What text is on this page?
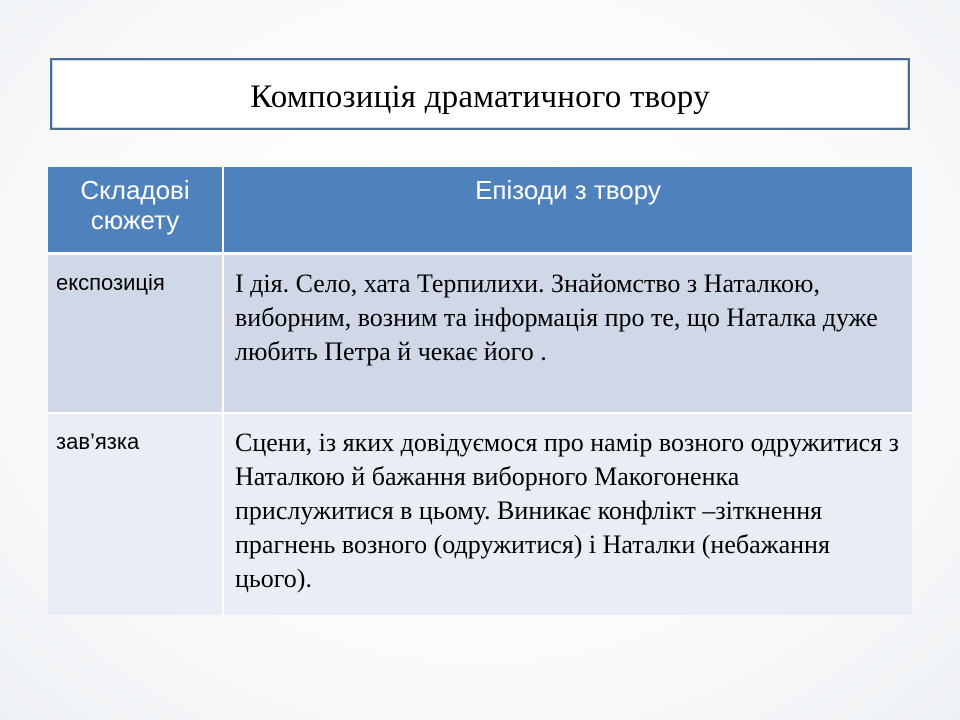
Композиція драматичного твору
Складові сюжету	Епізоди з твору
експозиція	І дія. Село, хата Терпилихи. Знайомство з Наталкою, виборним, возним та інформація про те, що Наталка дуже любить Петра й чекає його .
зав’язка	Сцени, із яких довідуємося про намір возного одружитися з Наталкою й бажання виборного Макогоненка прислужитися в цьому. Виникає конфлікт –зіткнення прагнень возного (одружитися) і Наталки (небажання цього).
